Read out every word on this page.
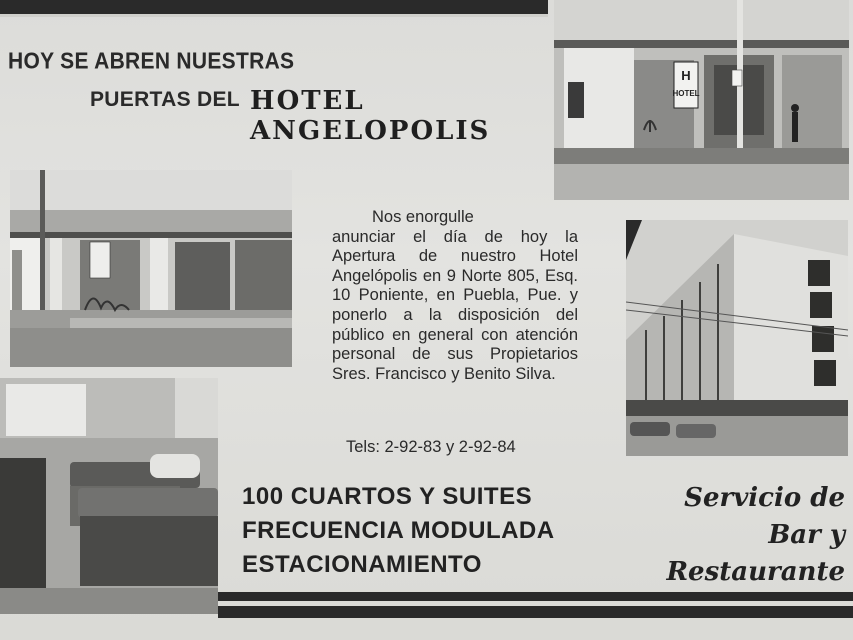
HOY SE ABREN NUESTRAS
PUERTAS DEL HOTEL
ANGELOPOLIS
H
HOTEL
Nos enorgulle
anunciar el día de hoy la Apertura de nuestro Hotel Angelópolis en 9 Norte 805, Esq. 10 Poniente, en Puebla, Pue. y ponerlo a la disposición del público en general con atención personal de sus Propietarios Sres. Francisco y Benito Silva.
Tels: 2-92-83 y 2-92-84
100 CUARTOS Y SUITES
FRECUENCIA MODULADA
ESTACIONAMIENTO
Servicio de
Bar y
Restaurante
